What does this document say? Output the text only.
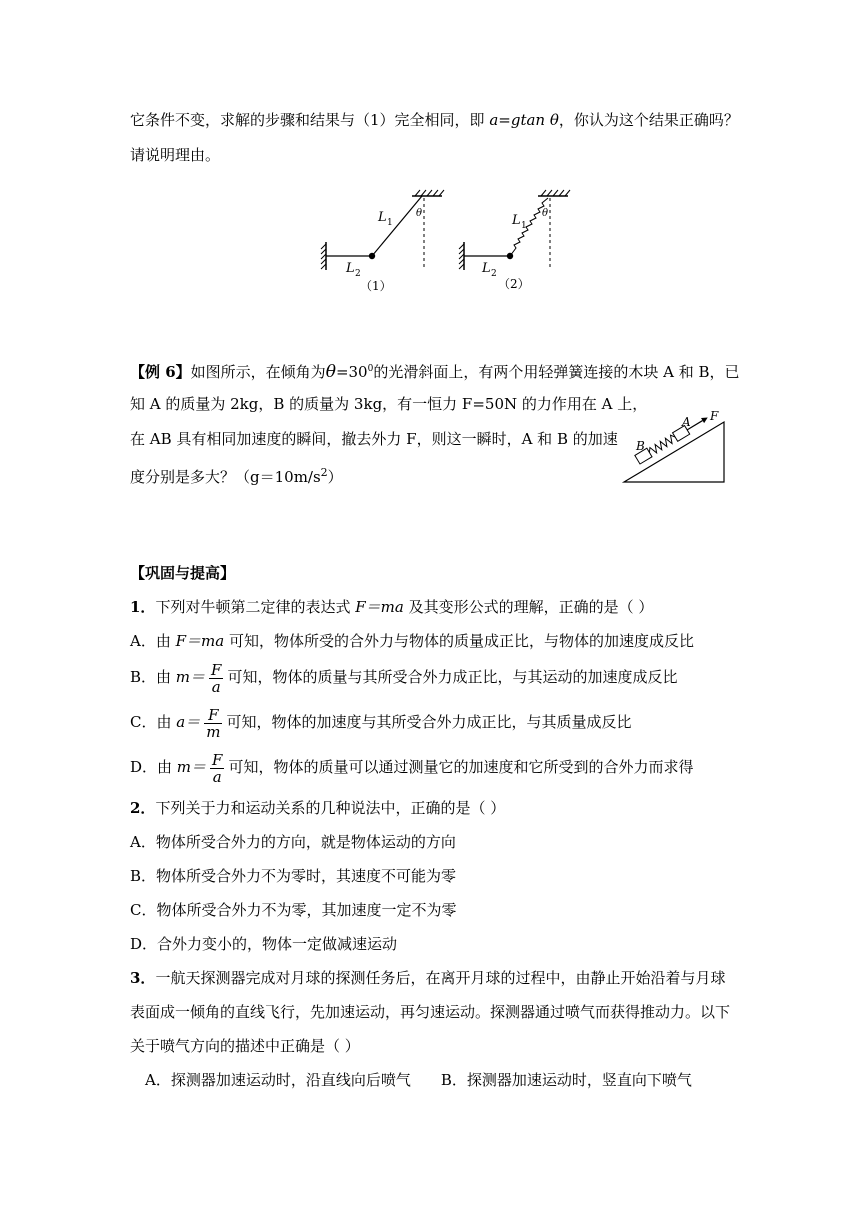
它条件不变，求解的步骤和结果与（1）完全相同，即 a=gtan θ，你认为这个结果正确吗？
请说明理由。
L 1
θ
L 2
（1）
L 1
θ
L 2
（2）
【例 6】如图所示，在倾角为$\theta=30^0$的光滑斜面上，有两个用轻弹簧连接的木块 A 和 B，已
知 A 的质量为 2kg，B 的质量为 3kg，有一恒力 F=50N 的力作用在 A 上，
在 AB 具有相同加速度的瞬间，撤去外力 F，则这一瞬时，A 和 B 的加速
度分别是多大？$(g=10m/s^2)$
B
A F
【巩固与提高】
1．下列对牛顿第二定律的表达式 F＝ma 及其变形公式的理解，正确的是（ ）
A．由 F＝ma 可知，物体所受的合外力与物体的质量成正比，与物体的加速度成反比
B．由 $m= \frac{F}{a}$ 可知，物体的质量与其所受合外力成正比，与其运动的加速度成反比
C．由 $a= \frac{F}{m}$ 可知，物体的加速度与其所受合外力成正比，与其质量成反比
D．由 $m= \frac{F}{a}$ 可知，物体的质量可以通过测量它的加速度和它所受到的合外力而求得
2．下列关于力和运动关系的几种说法中，正确的是（ ）
A．物体所受合外力的方向，就是物体运动的方向
B．物体所受合外力不为零时，其速度不可能为零
C．物体所受合外力不为零，其加速度一定不为零
D．合外力变小的，物体一定做减速运动
3．一航天探测器完成对月球的探测任务后，在离开月球的过程中，由静止开始沿着与月球
表面成一倾角的直线飞行，先加速运动，再匀速运动。探测器通过喷气而获得推动力。以下
关于喷气方向的描述中正确是（ ）
A．探测器加速运动时，沿直线向后喷气 B．探测器加速运动时，竖直向下喷气
